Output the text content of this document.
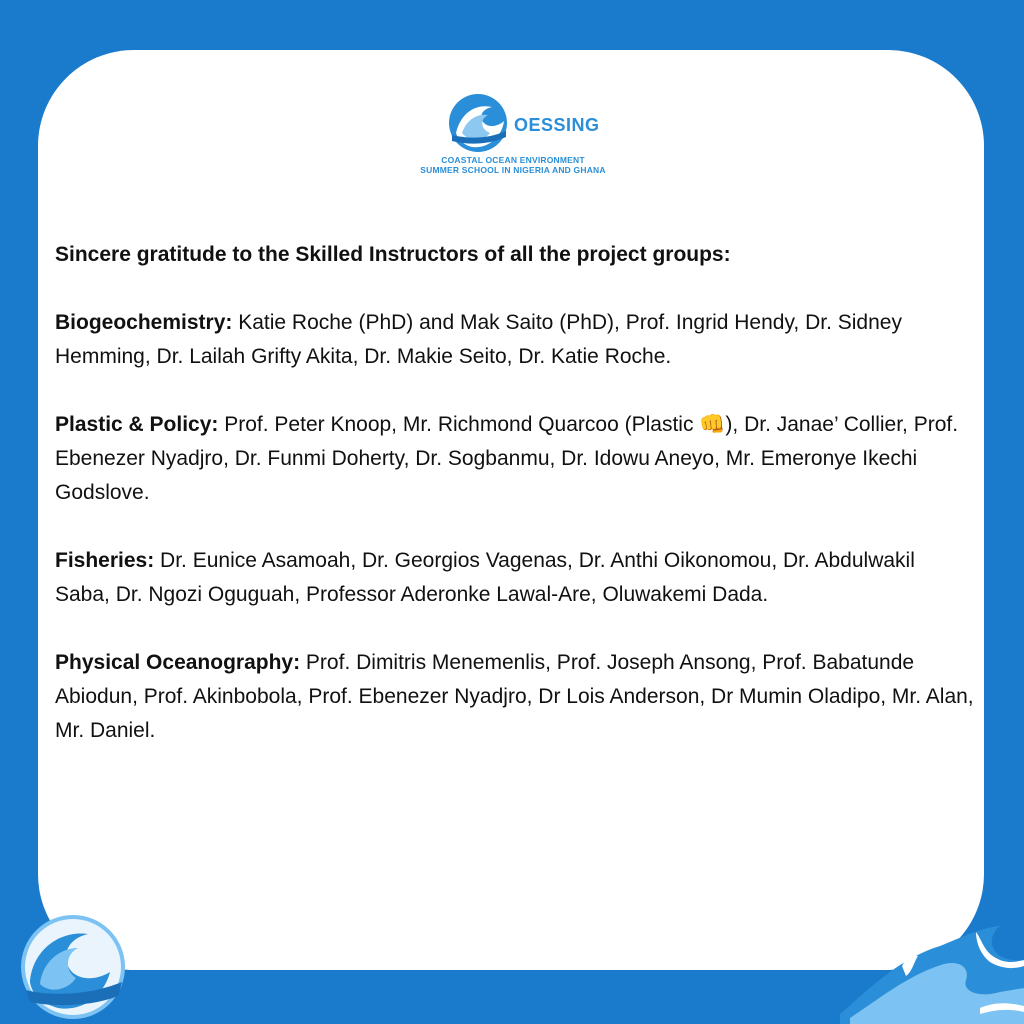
OESSING
COASTAL OCEAN ENVIRONMENT
SUMMER SCHOOL IN NIGERIA AND GHANA

Sincere gratitude to the Skilled Instructors of all the project groups:

Biogeochemistry: Katie Roche (PhD) and Mak Saito (PhD), Prof. Ingrid Hendy, Dr. Sidney Hemming, Dr. Lailah Grifty Akita, Dr. Makie Seito, Dr. Katie Roche.

Plastic & Policy: Prof. Peter Knoop, Mr. Richmond Quarcoo (Plastic 👊), Dr. Janae’ Collier, Prof. Ebenezer Nyadjro, Dr. Funmi Doherty, Dr. Sogbanmu, Dr. Idowu Aneyo, Mr. Emeronye Ikechi Godslove.

Fisheries: Dr. Eunice Asamoah, Dr. Georgios Vagenas, Dr. Anthi Oikonomou, Dr. Abdulwakil Saba, Dr. Ngozi Oguguah, Professor Aderonke Lawal-Are, Oluwakemi Dada.

Physical Oceanography: Prof. Dimitris Menemenlis, Prof. Joseph Ansong, Prof. Babatunde Abiodun, Prof. Akinbobola, Prof. Ebenezer Nyadjro, Dr Lois Anderson, Dr Mumin Oladipo, Mr. Alan, Mr. Daniel.
